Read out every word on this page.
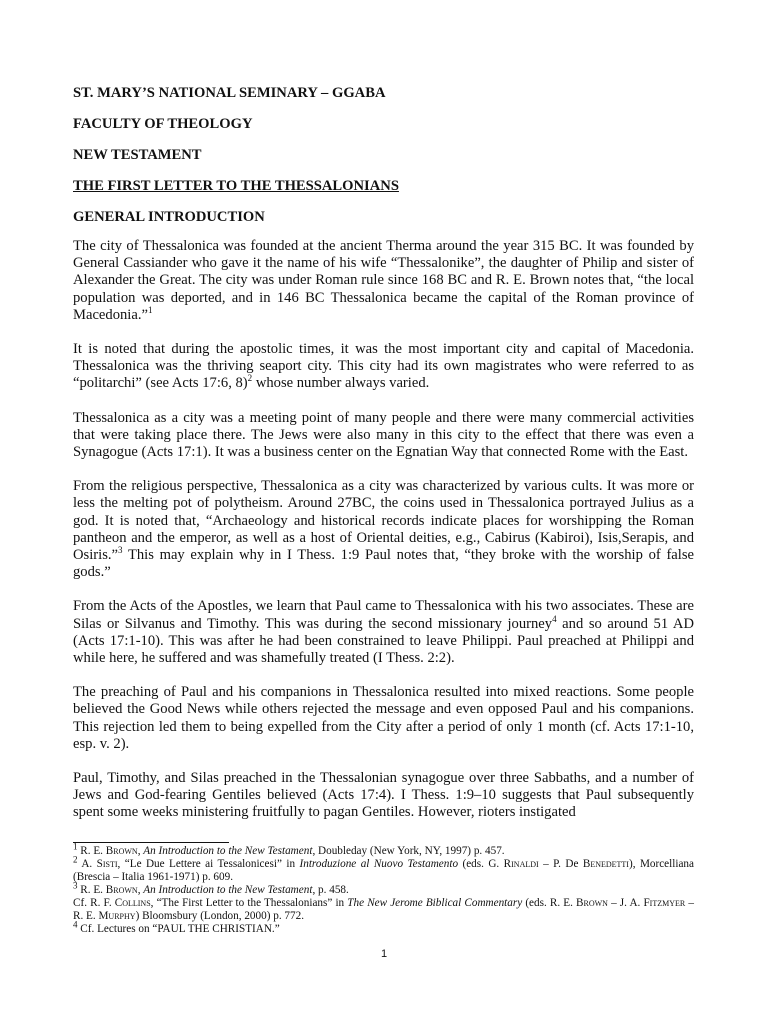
ST. MARY’S NATIONAL SEMINARY – GGABA
FACULTY OF THEOLOGY
NEW TESTAMENT
THE FIRST LETTER TO THE THESSALONIANS
GENERAL INTRODUCTION

The city of Thessalonica was founded at the ancient Therma around the year 315 BC. It was founded by General Cassiander who gave it the name of his wife “Thessalonike”, the daughter of Philip and sister of Alexander the Great. The city was under Roman rule since 168 BC and R. E. Brown notes that, “the local population was deported, and in 146 BC Thessalonica became the capital of the Roman province of Macedonia.”$^1$

It is noted that during the apostolic times, it was the most important city and capital of Macedonia. Thessalonica was the thriving seaport city. This city had its own magistrates who were referred to as “politarchi” (see Acts 17:6, 8)$^2$ whose number always varied.

Thessalonica as a city was a meeting point of many people and there were many commercial activities that were taking place there. The Jews were also many in this city to the effect that there was even a Synagogue (Acts 17:1). It was a business center on the Egnatian Way that connected Rome with the East.

From the religious perspective, Thessalonica as a city was characterized by various cults. It was more or less the melting pot of polytheism. Around 27BC, the coins used in Thessalonica portrayed Julius as a god. It is noted that, “Archaeology and historical records indicate places for worshipping the Roman pantheon and the emperor, as well as a host of Oriental deities, e.g., Cabirus (Kabiroi), Isis,Serapis, and Osiris.”$^3$ This may explain why in I Thess. 1:9 Paul notes that, “they broke with the worship of false gods.”

From the Acts of the Apostles, we learn that Paul came to Thessalonica with his two associates. These are Silas or Silvanus and Timothy. This was during the second missionary journey$^4$ and so around 51 AD (Acts 17:1-10). This was after he had been constrained to leave Philippi. Paul preached at Philippi and while here, he suffered and was shamefully treated (I Thess. 2:2).

The preaching of Paul and his companions in Thessalonica resulted into mixed reactions. Some people believed the Good News while others rejected the message and even opposed Paul and his companions. This rejection led them to being expelled from the City after a period of only 1 month (cf. Acts 17:1-10, esp. v. 2).

Paul, Timothy, and Silas preached in the Thessalonian synagogue over three Sabbaths, and a number of Jews and God-fearing Gentiles believed (Acts 17:4). I Thess. 1:9–10 suggests that Paul subsequently spent some weeks ministering fruitfully to pagan Gentiles. However, rioters instigated

$^1$ R. E. Brown, An Introduction to the New Testament, Doubleday (New York, NY, 1997) p. 457.

$^2$ A. Sisti, “Le Due Lettere ai Tessalonicesi” in Introduzione al Nuovo Testamento (eds. G. Rinaldi – P. De Benedetti), Morcelliana (Brescia – Italia 1961-1971) p. 609.

$^3$ R. E. Brown, An Introduction to the New Testament, p. 458.

Cf. R. F. Collins, “The First Letter to the Thessalonians” in The New Jerome Biblical Commentary (eds. R. E. Brown – J. A. Fitzmyer – R. E. Murphy) Bloomsbury (London, 2000) p. 772.

$^4$ Cf. Lectures on “PAUL THE CHRISTIAN.”

1
